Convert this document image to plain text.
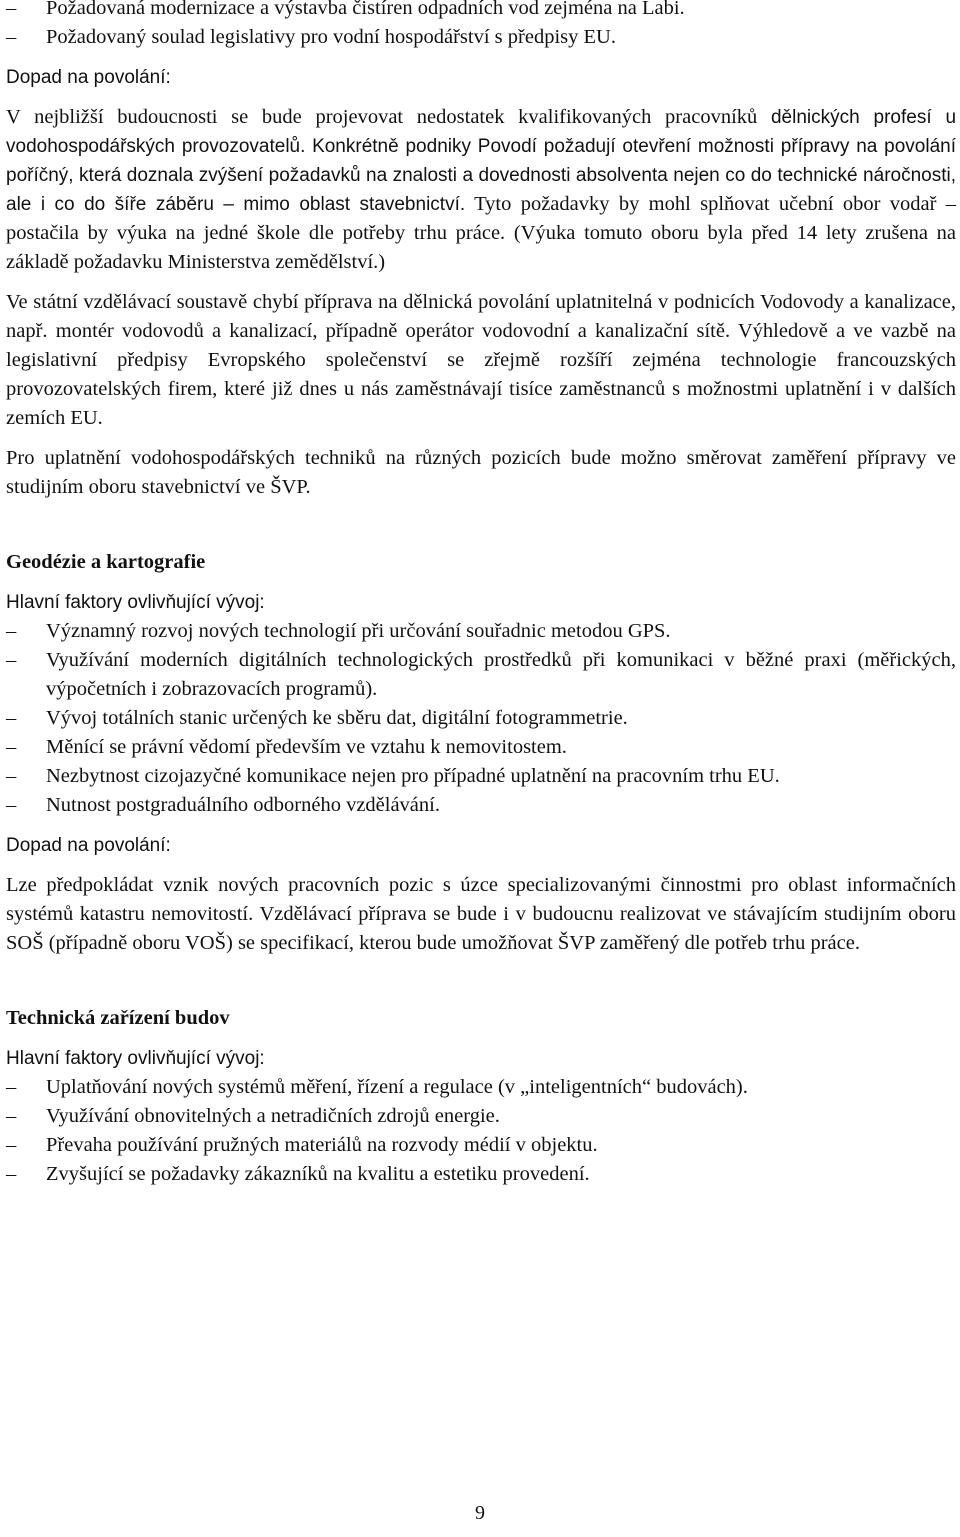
–	Požadovaná modernizace a výstavba čistíren odpadních vod zejména na Labi.
–	Požadovaný soulad legislativy pro vodní hospodářství s předpisy EU.

Dopad na povolání:

V nejbližší budoucnosti se bude projevovat nedostatek kvalifikovaných pracovníků dělnických profesí u vodohospodářských provozovatelů. Konkrétně podniky Povodí požadují otevření možnosti přípravy na povolání poříčný, která doznala zvýšení požadavků na znalosti a dovednosti absolventa nejen co do technické náročnosti, ale i co do šíře záběru – mimo oblast stavebnictví. Tyto požadavky by mohl splňovat učební obor vodař – postačila by výuka na jedné škole dle potřeby trhu práce. (Výuka tomuto oboru byla před 14 lety zrušena na základě požadavku Ministerstva zemědělství.)

Ve státní vzdělávací soustavě chybí příprava na dělnická povolání uplatnitelná v podnicích Vodovody a kanalizace, např. montér vodovodů a kanalizací, případně operátor vodovodní a kanalizační sítě. Výhledově a ve vazbě na legislativní předpisy Evropského společenství se zřejmě rozšíří zejména technologie francouzských provozovatelských firem, které již dnes u nás zaměstnávají tisíce zaměstnanců s možnostmi uplatnění i v dalších zemích EU.

Pro uplatnění vodohospodářských techniků na různých pozicích bude možno směrovat zaměření přípravy ve studijním oboru stavebnictví ve ŠVP.

Geodézie a kartografie

Hlavní faktory ovlivňující vývoj:

–	Významný rozvoj nových technologií při určování souřadnic metodou GPS.
–	Využívání moderních digitálních technologických prostředků při komunikaci v běžné praxi (měřických, výpočetních i zobrazovacích programů).
–	Vývoj totálních stanic určených ke sběru dat, digitální fotogrammetrie.
–	Měnící se právní vědomí především ve vztahu k nemovitostem.
–	Nezbytnost cizojazyčné komunikace nejen pro případné uplatnění na pracovním trhu EU.
–	Nutnost postgraduálního odborného vzdělávání.

Dopad na povolání:

Lze předpokládat vznik nových pracovních pozic s úzce specializovanými činnostmi pro oblast informačních systémů katastru nemovitostí. Vzdělávací příprava se bude i v budoucnu realizovat ve stávajícím studijním oboru SOŠ (případně oboru VOŠ) se specifikací, kterou bude umožňovat ŠVP zaměřený dle potřeb trhu práce.

Technická zařízení budov

Hlavní faktory ovlivňující vývoj:

–	Uplatňování nových systémů měření, řízení a regulace (v „inteligentních“ budovách).
–	Využívání obnovitelných a netradičních zdrojů energie.
–	Převaha používání pružných materiálů na rozvody médií v objektu.
–	Zvyšující se požadavky zákazníků na kvalitu a estetiku provedení.
9
